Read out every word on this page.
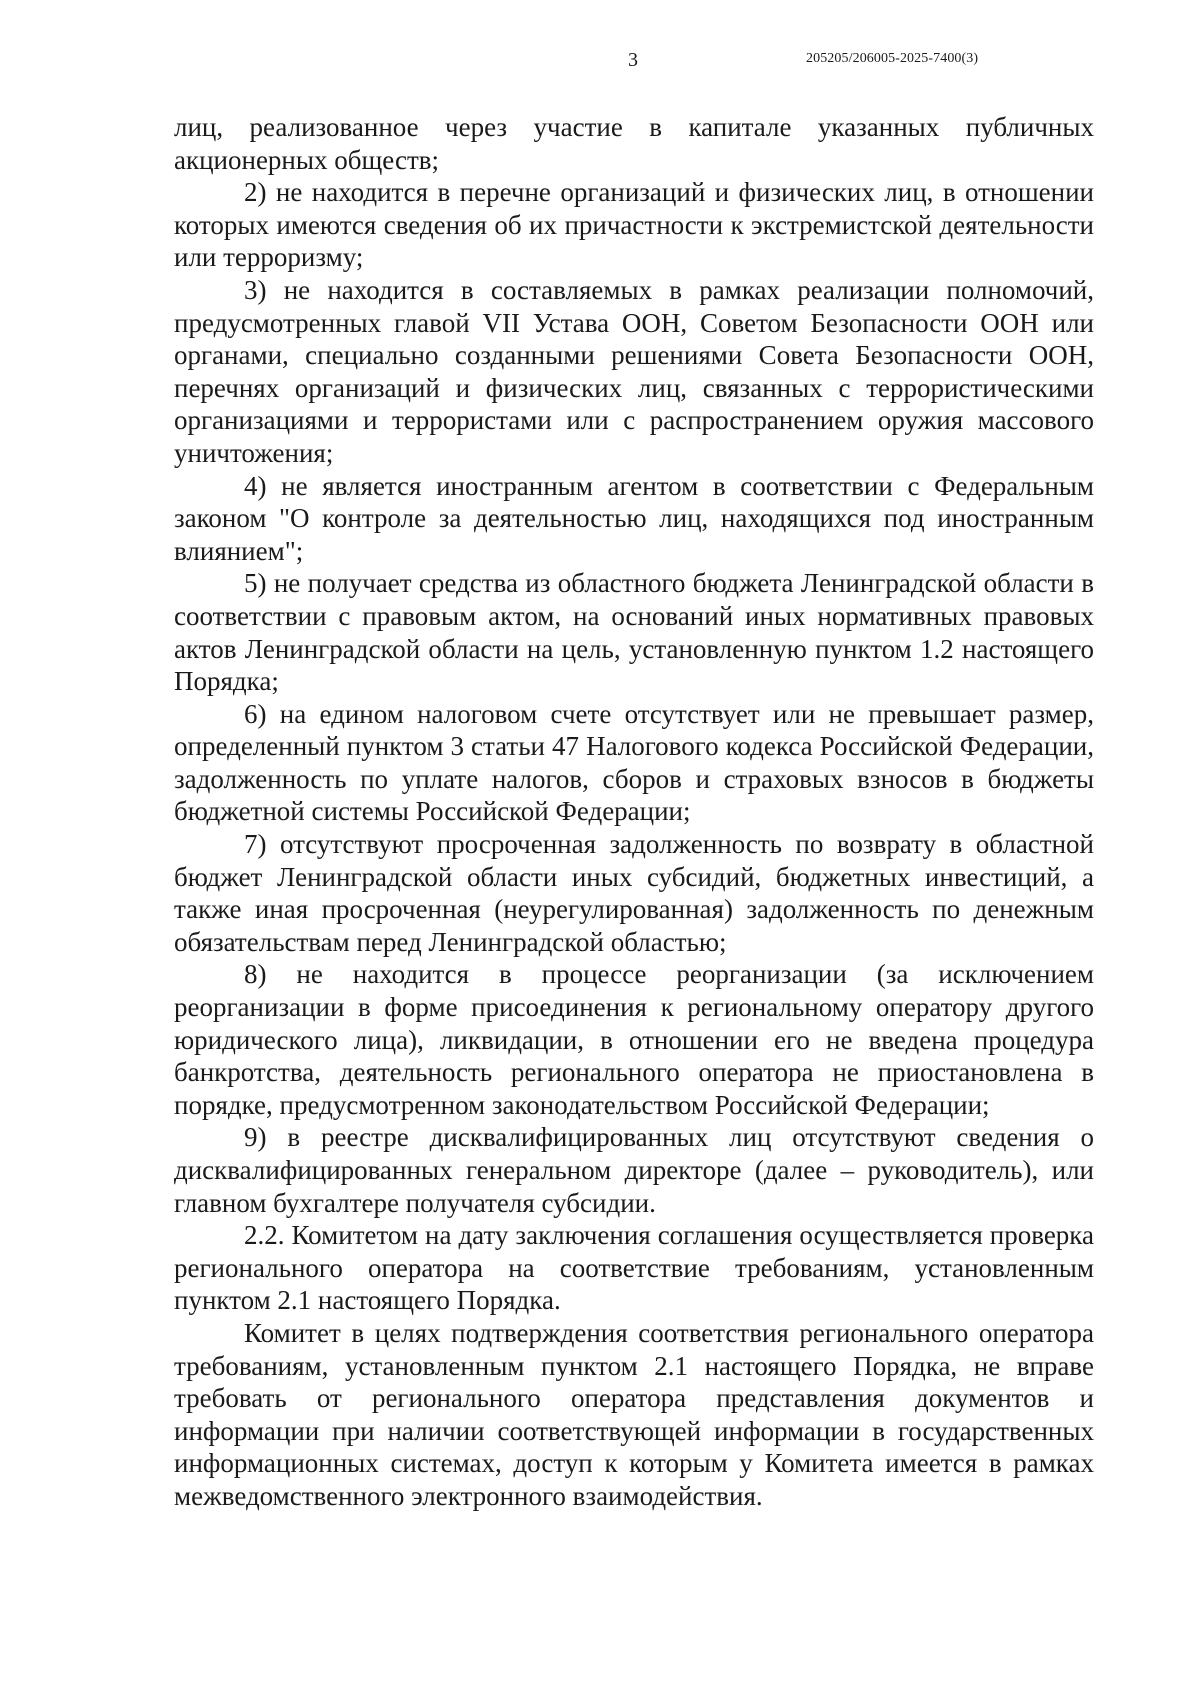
3	205205/206005-2025-7400(3)

лиц, реализованное через участие в капитале указанных публичных акционерных обществ;

2) не находится в перечне организаций и физических лиц, в отношении которых имеются сведения об их причастности к экстремистской деятельности или терроризму;

3) не находится в составляемых в рамках реализации полномочий, предусмотренных главой VII Устава ООН, Советом Безопасности ООН или органами, специально созданными решениями Совета Безопасности ООН, перечнях организаций и физических лиц, связанных с террористическими организациями и террористами или с распространением оружия массового уничтожения;

4) не является иностранным агентом в соответствии с Федеральным законом "О контроле за деятельностью лиц, находящихся под иностранным влиянием";

5) не получает средства из областного бюджета Ленинградской области в соответствии с правовым актом, на оснований иных нормативных правовых актов Ленинградской области на цель, установленную пунктом 1.2 настоящего Порядка;

6) на едином налоговом счете отсутствует или не превышает размер, определенный пунктом 3 статьи 47 Налогового кодекса Российской Федерации, задолженность по уплате налогов, сборов и страховых взносов в бюджеты бюджетной системы Российской Федерации;

7) отсутствуют просроченная задолженность по возврату в областной бюджет Ленинградской области иных субсидий, бюджетных инвестиций, а также иная просроченная (неурегулированная) задолженность по денежным обязательствам перед Ленинградской областью;

8) не находится в процессе реорганизации (за исключением реорганизации в форме присоединения к региональному оператору другого юридического лица), ликвидации, в отношении его не введена процедура банкротства, деятельность регионального оператора не приостановлена в порядке, предусмотренном законодательством Российской Федерации;

9) в реестре дисквалифицированных лиц отсутствуют сведения о дисквалифицированных генеральном директоре (далее – руководитель), или главном бухгалтере получателя субсидии.

2.2. Комитетом на дату заключения соглашения осуществляется проверка регионального оператора на соответствие требованиям, установленным пунктом 2.1 настоящего Порядка.

Комитет в целях подтверждения соответствия регионального оператора требованиям, установленным пунктом 2.1 настоящего Порядка, не вправе требовать от регионального оператора представления документов и информации при наличии соответствующей информации в государственных информационных системах, доступ к которым у Комитета имеется в рамках межведомственного электронного взаимодействия.
